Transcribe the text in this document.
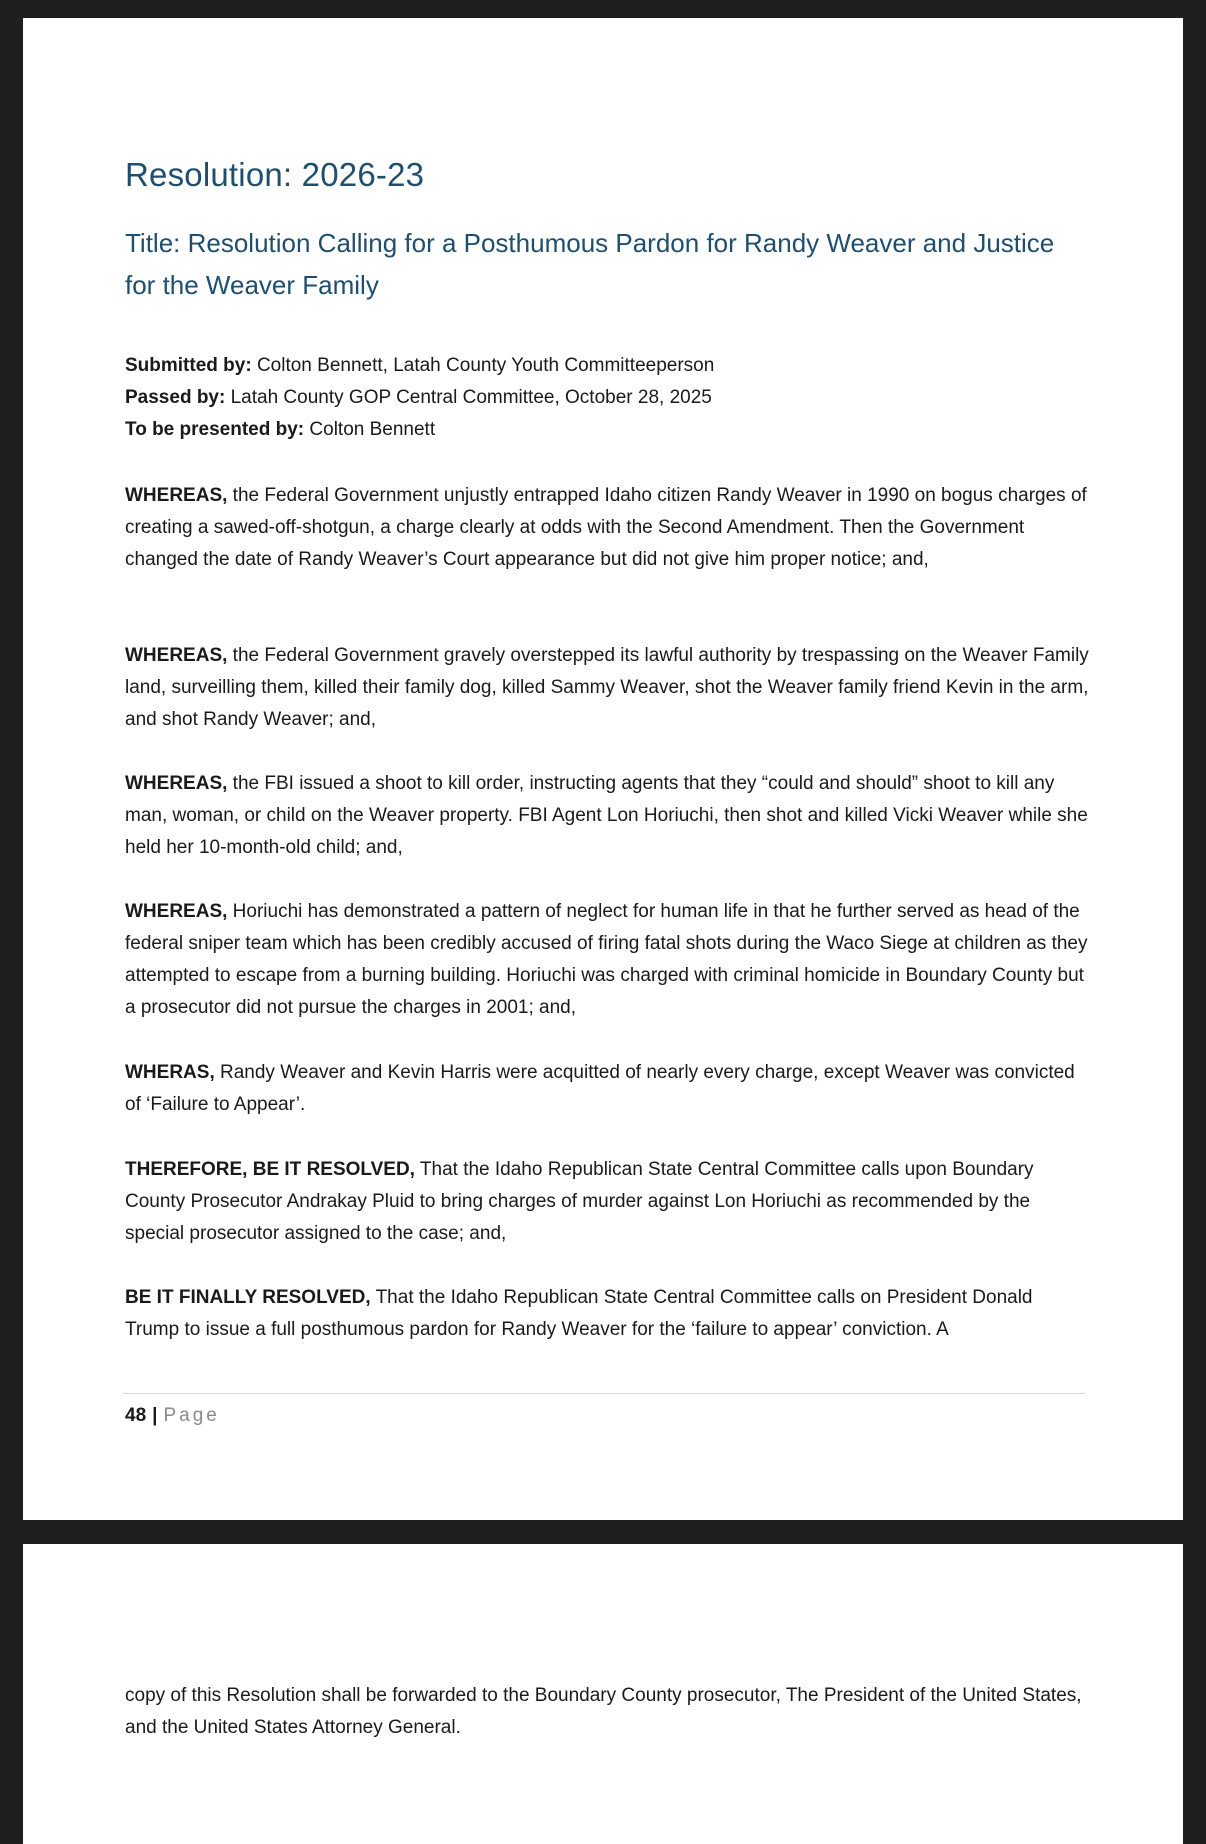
Resolution: 2026-23
Title: Resolution Calling for a Posthumous Pardon for Randy Weaver and Justice for the Weaver Family

Submitted by: Colton Bennett, Latah County Youth Committeeperson

Passed by: Latah County GOP Central Committee, October 28, 2025

To be presented by: Colton Bennett

WHEREAS, the Federal Government unjustly entrapped Idaho citizen Randy Weaver in 1990 on bogus charges of creating a sawed-off-shotgun, a charge clearly at odds with the Second Amendment. Then the Government changed the date of Randy Weaver’s Court appearance but did not give him proper notice; and,

WHEREAS, the Federal Government gravely overstepped its lawful authority by trespassing on the Weaver Family land, surveilling them, killed their family dog, killed Sammy Weaver, shot the Weaver family friend Kevin in the arm, and shot Randy Weaver; and,

WHEREAS, the FBI issued a shoot to kill order, instructing agents that they “could and should” shoot to kill any man, woman, or child on the Weaver property. FBI Agent Lon Horiuchi, then shot and killed Vicki Weaver while she held her 10-month-old child; and,

WHEREAS, Horiuchi has demonstrated a pattern of neglect for human life in that he further served as head of the federal sniper team which has been credibly accused of firing fatal shots during the Waco Siege at children as they attempted to escape from a burning building. Horiuchi was charged with criminal homicide in Boundary County but a prosecutor did not pursue the charges in 2001; and,

WHERAS, Randy Weaver and Kevin Harris were acquitted of nearly every charge, except Weaver was convicted of ‘Failure to Appear’.

THEREFORE, BE IT RESOLVED, That the Idaho Republican State Central Committee calls upon Boundary County Prosecutor Andrakay Pluid to bring charges of murder against Lon Horiuchi as recommended by the special prosecutor assigned to the case; and,

BE IT FINALLY RESOLVED, That the Idaho Republican State Central Committee calls on President Donald Trump to issue a full posthumous pardon for Randy Weaver for the ‘failure to appear’ conviction. A

48 | Page

copy of this Resolution shall be forwarded to the Boundary County prosecutor, The President of the United States, and the United States Attorney General.
